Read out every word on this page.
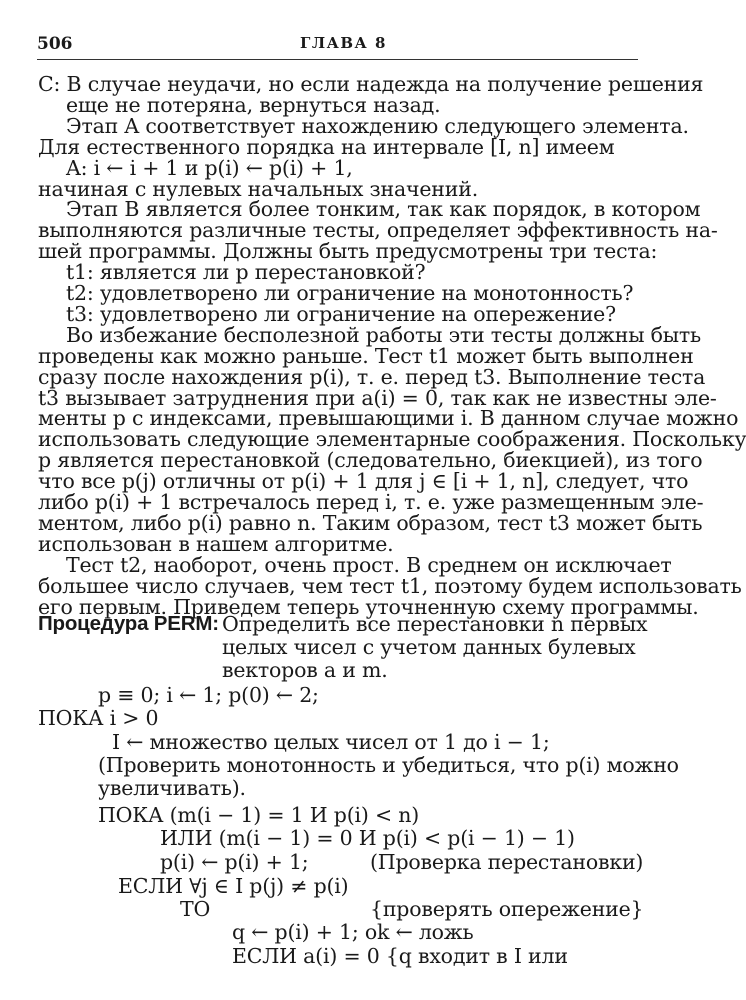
506	ГЛАВА 8
C: В случае неудачи, но если надежда на получение решения
еще не потеряна, вернуться назад.
Этап A соответствует нахождению следующего элемента.
Для естественного порядка на интервале [I, n] имеем
A: i ← i + 1 и p(i) ← p(i) + 1,
начиная с нулевых начальных значений.
Этап B является более тонким, так как порядок, в котором
выполняются различные тесты, определяет эффективность на-
шей программы. Должны быть предусмотрены три теста:
t1: является ли p перестановкой?
t2: удовлетворено ли ограничение на монотонность?
t3: удовлетворено ли ограничение на опережение?
Во избежание бесполезной работы эти тесты должны быть
проведены как можно раньше. Тест t1 может быть выполнен
сразу после нахождения p(i), т. е. перед t3. Выполнение теста
t3 вызывает затруднения при a(i) = 0, так как не известны эле-
менты p с индексами, превышающими i. В данном случае можно
использовать следующие элементарные соображения. Поскольку
p является перестановкой (следовательно, биекцией), из того
что все p(j) отличны от p(i) + 1 для j ∈ [i + 1, n], следует, что
либо p(i) + 1 встречалось перед i, т. е. уже размещенным эле-
ментом, либо p(i) равно n. Таким образом, тест t3 может быть
использован в нашем алгоритме.
Тест t2, наоборот, очень прост. В среднем он исключает
большее число случаев, чем тест t1, поэтому будем использовать
его первым. Приведем теперь уточненную схему программы.
Процедура PERM: Определить все перестановки n первых
целых чисел с учетом данных булевых
векторов a и m.
p ≡ 0; i ← 1; p(0) ← 2;
ПОКА i > 0
I ← множество целых чисел от 1 до i − 1;
(Проверить монотонность и убедиться, что p(i) можно
увеличивать).
ПОКА (m(i − 1) = 1 И p(i) < n)
ИЛИ (m(i − 1) = 0 И p(i) < p(i − 1) − 1)
p(i) ← p(i) + 1;	(Проверка перестановки)
ЕСЛИ ∀j ∈ I p(j) ≠ p(i)
ТО	{проверять опережение}
q ← p(i) + 1; ok ← ложь
ЕСЛИ a(i) = 0 {q входит в I или
